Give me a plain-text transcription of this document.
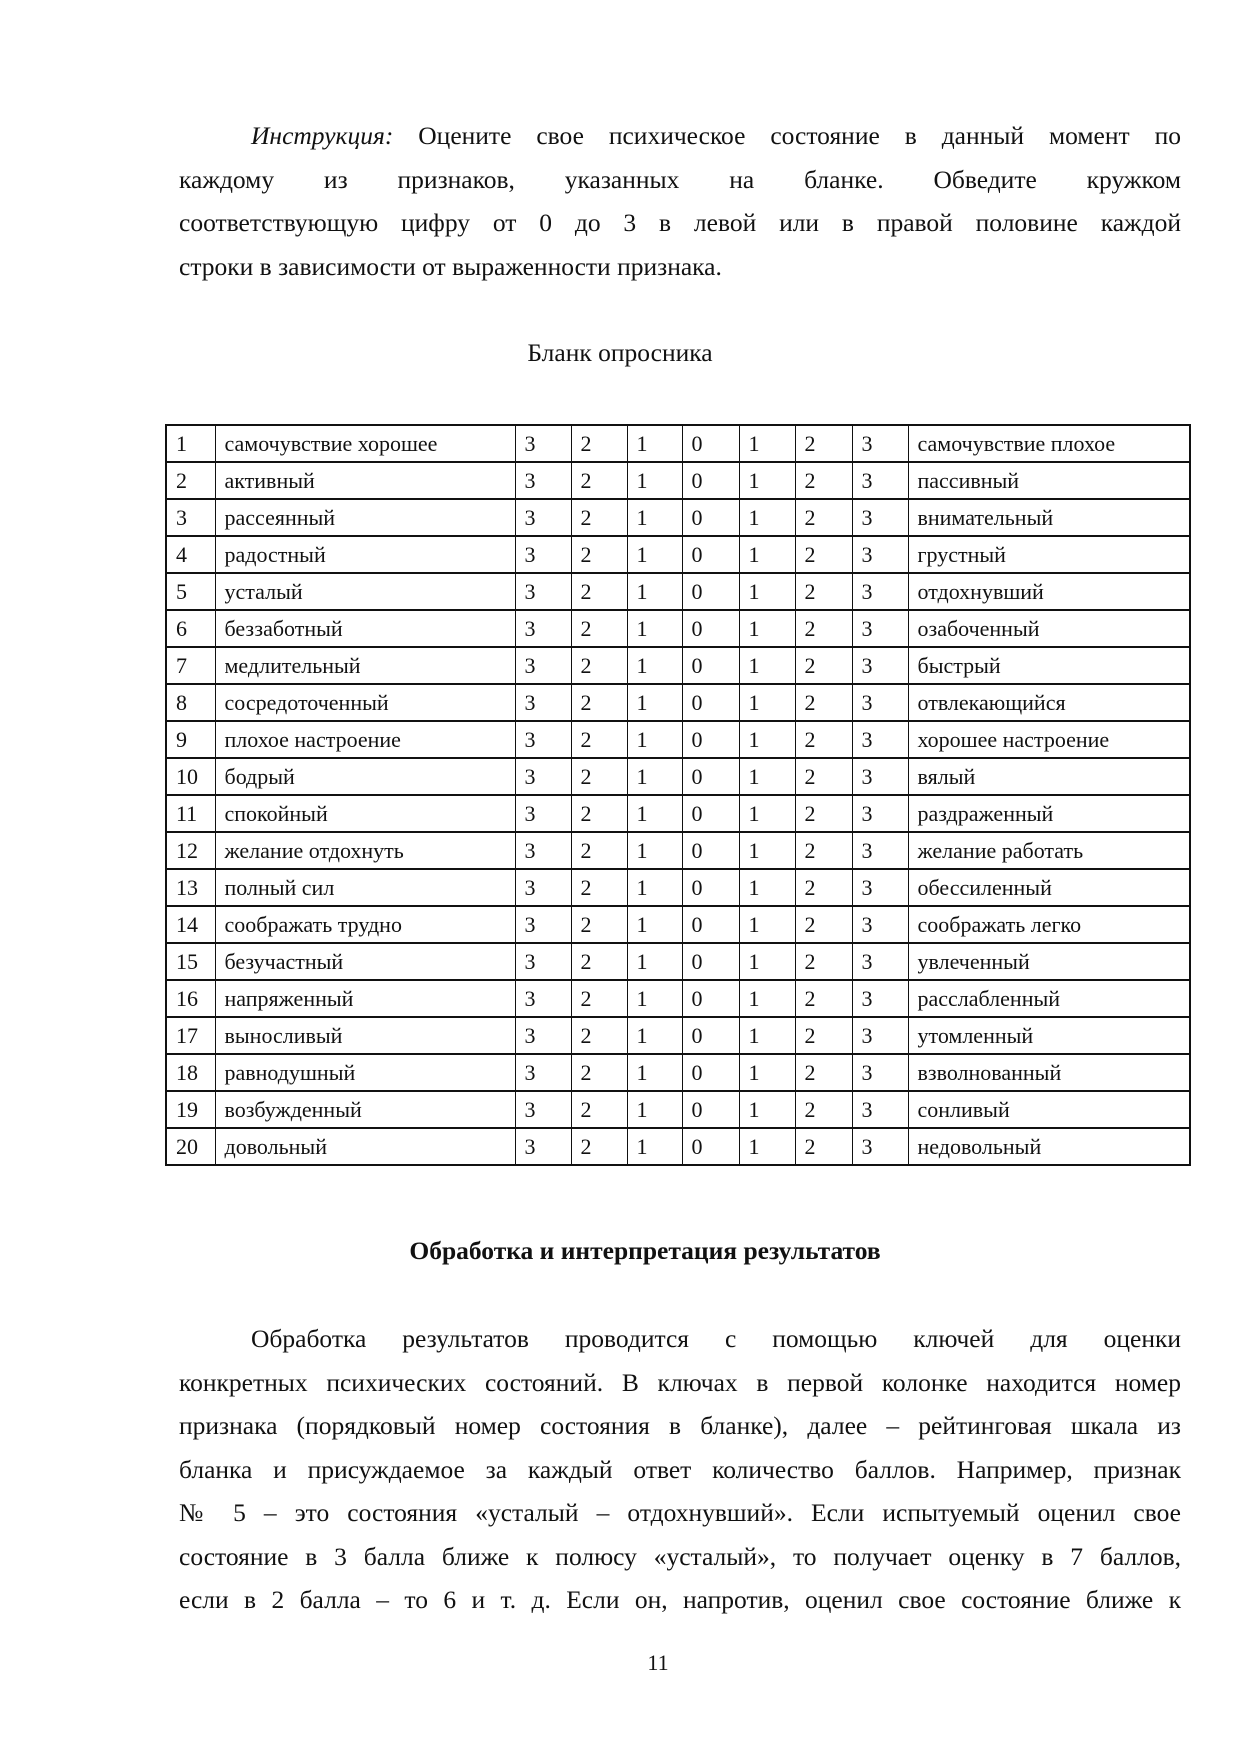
Инструкция: Оцените свое психическое состояние в данный момент по
каждому из признаков, указанных на бланке. Обведите кружком
соответствующую цифру от 0 до 3 в левой или в правой половине каждой
строки в зависимости от выраженности признака.
Бланк опросника
1	самочувствие хорошее	3	2	1	0	1	2	3	самочувствие плохое
2	активный	3	2	1	0	1	2	3	пассивный
3	рассеянный	3	2	1	0	1	2	3	внимательный
4	радостный	3	2	1	0	1	2	3	грустный
5	усталый	3	2	1	0	1	2	3	отдохнувший
6	беззаботный	3	2	1	0	1	2	3	озабоченный
7	медлительный	3	2	1	0	1	2	3	быстрый
8	сосредоточенный	3	2	1	0	1	2	3	отвлекающийся
9	плохое настроение	3	2	1	0	1	2	3	хорошее настроение
10	бодрый	3	2	1	0	1	2	3	вялый
11	спокойный	3	2	1	0	1	2	3	раздраженный
12	желание отдохнуть	3	2	1	0	1	2	3	желание работать
13	полный сил	3	2	1	0	1	2	3	обессиленный
14	соображать трудно	3	2	1	0	1	2	3	соображать легко
15	безучастный	3	2	1	0	1	2	3	увлеченный
16	напряженный	3	2	1	0	1	2	3	расслабленный
17	выносливый	3	2	1	0	1	2	3	утомленный
18	равнодушный	3	2	1	0	1	2	3	взволнованный
19	возбужденный	3	2	1	0	1	2	3	сонливый
20	довольный	3	2	1	0	1	2	3	недовольный
Обработка и интерпретация результатов
Обработка результатов проводится с помощью ключей для оценки
конкретных психических состояний. В ключах в первой колонке находится номер
признака (порядковый номер состояния в бланке), далее – рейтинговая шкала из
бланка и присуждаемое за каждый ответ количество баллов. Например, признак
№ 5 – это состояния «усталый – отдохнувший». Если испытуемый оценил свое
состояние в 3 балла ближе к полюсу «усталый», то получает оценку в 7 баллов,
если в 2 балла – то 6 и т. д. Если он, напротив, оценил свое состояние ближе к
11
